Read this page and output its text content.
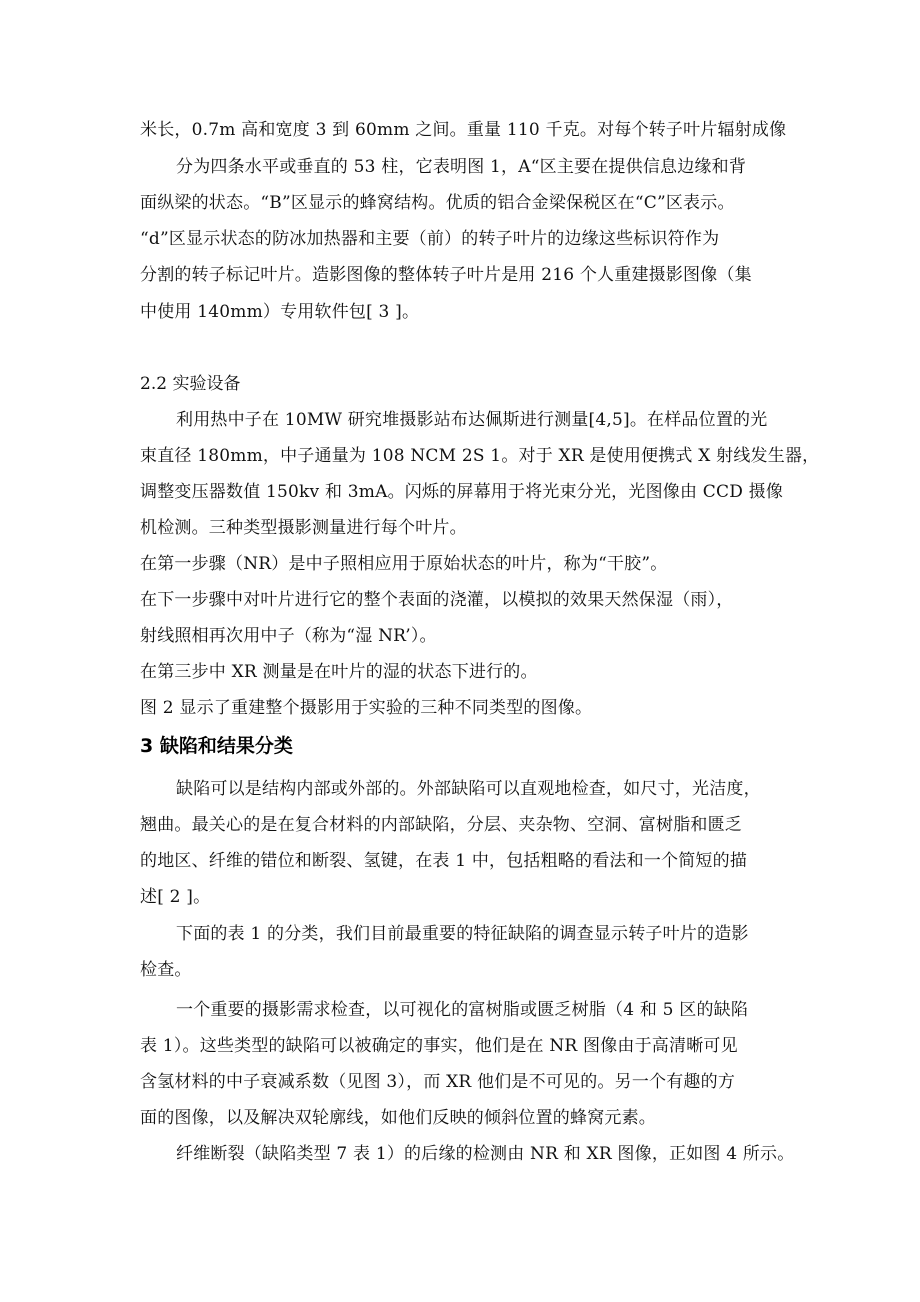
米长，0.7m 高和宽度 3 到 60mm 之间。重量 110 千克。对每个转子叶片辐射成像
分为四条水平或垂直的 53 柱，它表明图 1，A“区主要在提供信息边缘和背
面纵梁的状态。“B”区显示的蜂窝结构。优质的铝合金梁保税区在“C”区表示。
“d”区显示状态的防冰加热器和主要（前）的转子叶片的边缘这些标识符作为
分割的转子标记叶片。造影图像的整体转子叶片是用 216 个人重建摄影图像（集
中使用 140mm）专用软件包[ 3 ]。
2.2 实验设备
利用热中子在 10MW 研究堆摄影站布达佩斯进行测量[4,5]。在样品位置的光
束直径 180mm，中子通量为 108 NCM 2S 1。对于 XR 是使用便携式 X 射线发生器，
调整变压器数值 150kv 和 3mA。闪烁的屏幕用于将光束分光，光图像由 CCD 摄像
机检测。三种类型摄影测量进行每个叶片。
在第一步骤（NR）是中子照相应用于原始状态的叶片，称为“干胶”。
在下一步骤中对叶片进行它的整个表面的浇灌，以模拟的效果天然保湿（雨），
射线照相再次用中子（称为“湿 NR’）。
在第三步中 XR 测量是在叶片的湿的状态下进行的。
图 2 显示了重建整个摄影用于实验的三种不同类型的图像。
3 缺陷和结果分类
缺陷可以是结构内部或外部的。外部缺陷可以直观地检查，如尺寸，光洁度，
翘曲。最关心的是在复合材料的内部缺陷，分层、夹杂物、空洞、富树脂和匮乏
的地区、纤维的错位和断裂、氢键，在表 1 中，包括粗略的看法和一个简短的描
述[ 2 ]。
下面的表 1 的分类，我们目前最重要的特征缺陷的调查显示转子叶片的造影
检查。
一个重要的摄影需求检查，以可视化的富树脂或匮乏树脂（4 和 5 区的缺陷
表 1）。这些类型的缺陷可以被确定的事实，他们是在 NR 图像由于高清晰可见
含氢材料的中子衰减系数（见图 3），而 XR 他们是不可见的。另一个有趣的方
面的图像，以及解决双轮廓线，如他们反映的倾斜位置的蜂窝元素。
纤维断裂（缺陷类型 7 表 1）的后缘的检测由 NR 和 XR 图像，正如图 4 所示。
